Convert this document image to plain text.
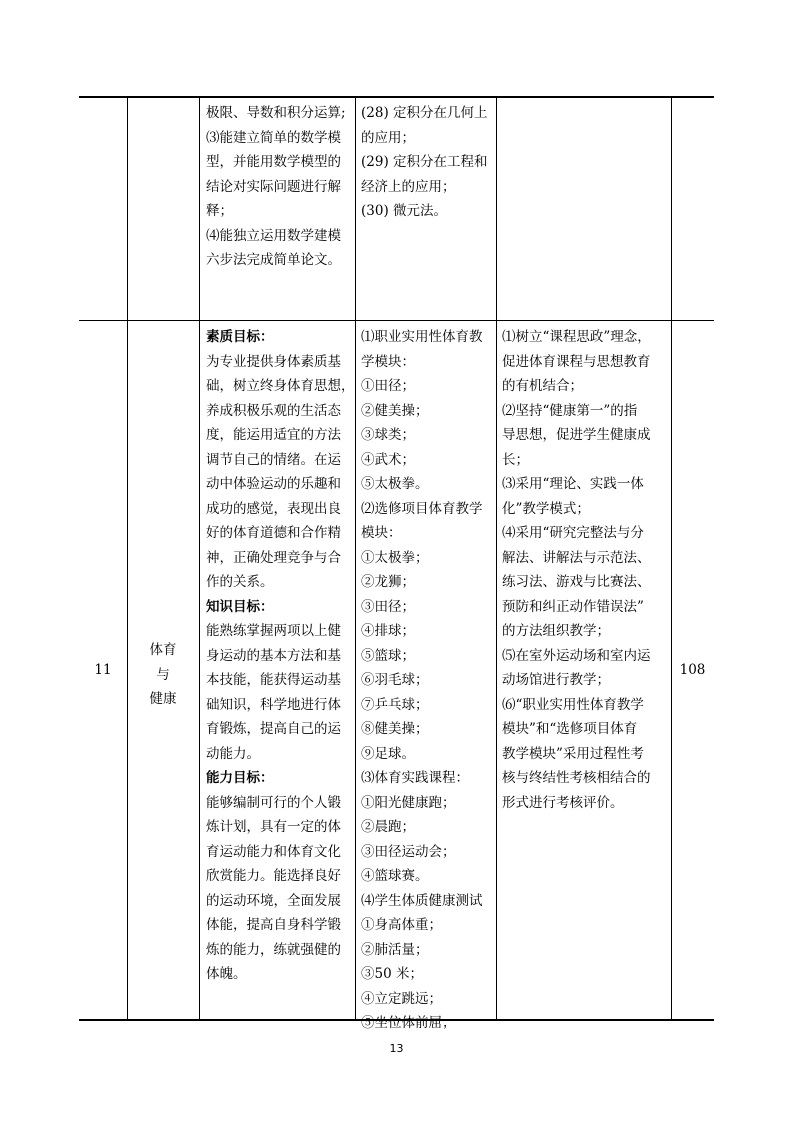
极限、导数和积分运算;
⑶能建立简单的数学模
型，并能用数学模型的
结论对实际问题进行解
释；
⑷能独立运用数学建模
六步法完成简单论文。
(28) 定积分在几何上
的应用；
(29) 定积分在工程和
经济上的应用；
(30) 微元法。
11
体育
与
健康
素质目标：
为专业提供身体素质基
础，树立终身体育思想，
养成积极乐观的生活态
度，能运用适宜的方法
调节自己的情绪。在运
动中体验运动的乐趣和
成功的感觉，表现出良
好的体育道德和合作精
神，正确处理竞争与合
作的关系。
知识目标：
能熟练掌握两项以上健
身运动的基本方法和基
本技能，能获得运动基
础知识，科学地进行体
育锻炼，提高自己的运
动能力。
能力目标：
能够编制可行的个人锻
炼计划，具有一定的体
育运动能力和体育文化
欣赏能力。能选择良好
的运动环境，全面发展
体能，提高自身科学锻
炼的能力，练就强健的
体魄。
⑴职业实用性体育教
学模块：
①田径；
②健美操；
③球类；
④武术；
⑤太极拳。
⑵选修项目体育教学
模块：
①太极拳；
②龙狮；
③田径；
④排球；
⑤篮球；
⑥羽毛球；
⑦乒乓球；
⑧健美操；
⑨足球。
⑶体育实践课程：
①阳光健康跑；
②晨跑；
③田径运动会；
④篮球赛。
⑷学生体质健康测试
①身高体重；
②肺活量；
③50 米；
④立定跳远；
⑤坐位体前屈；
⑴树立“课程思政”理念，
促进体育课程与思想教育
的有机结合；
⑵坚持“健康第一”的指
导思想，促进学生健康成
长；
⑶采用“理论、实践一体
化”教学模式；
⑷采用“研究完整法与分
解法、讲解法与示范法、
练习法、游戏与比赛法、
预防和纠正动作错误法”
的方法组织教学；
⑸在室外运动场和室内运
动场馆进行教学；
⑹“职业实用性体育教学
模块”和“选修项目体育
教学模块”采用过程性考
核与终结性考核相结合的
形式进行考核评价。
108
13
